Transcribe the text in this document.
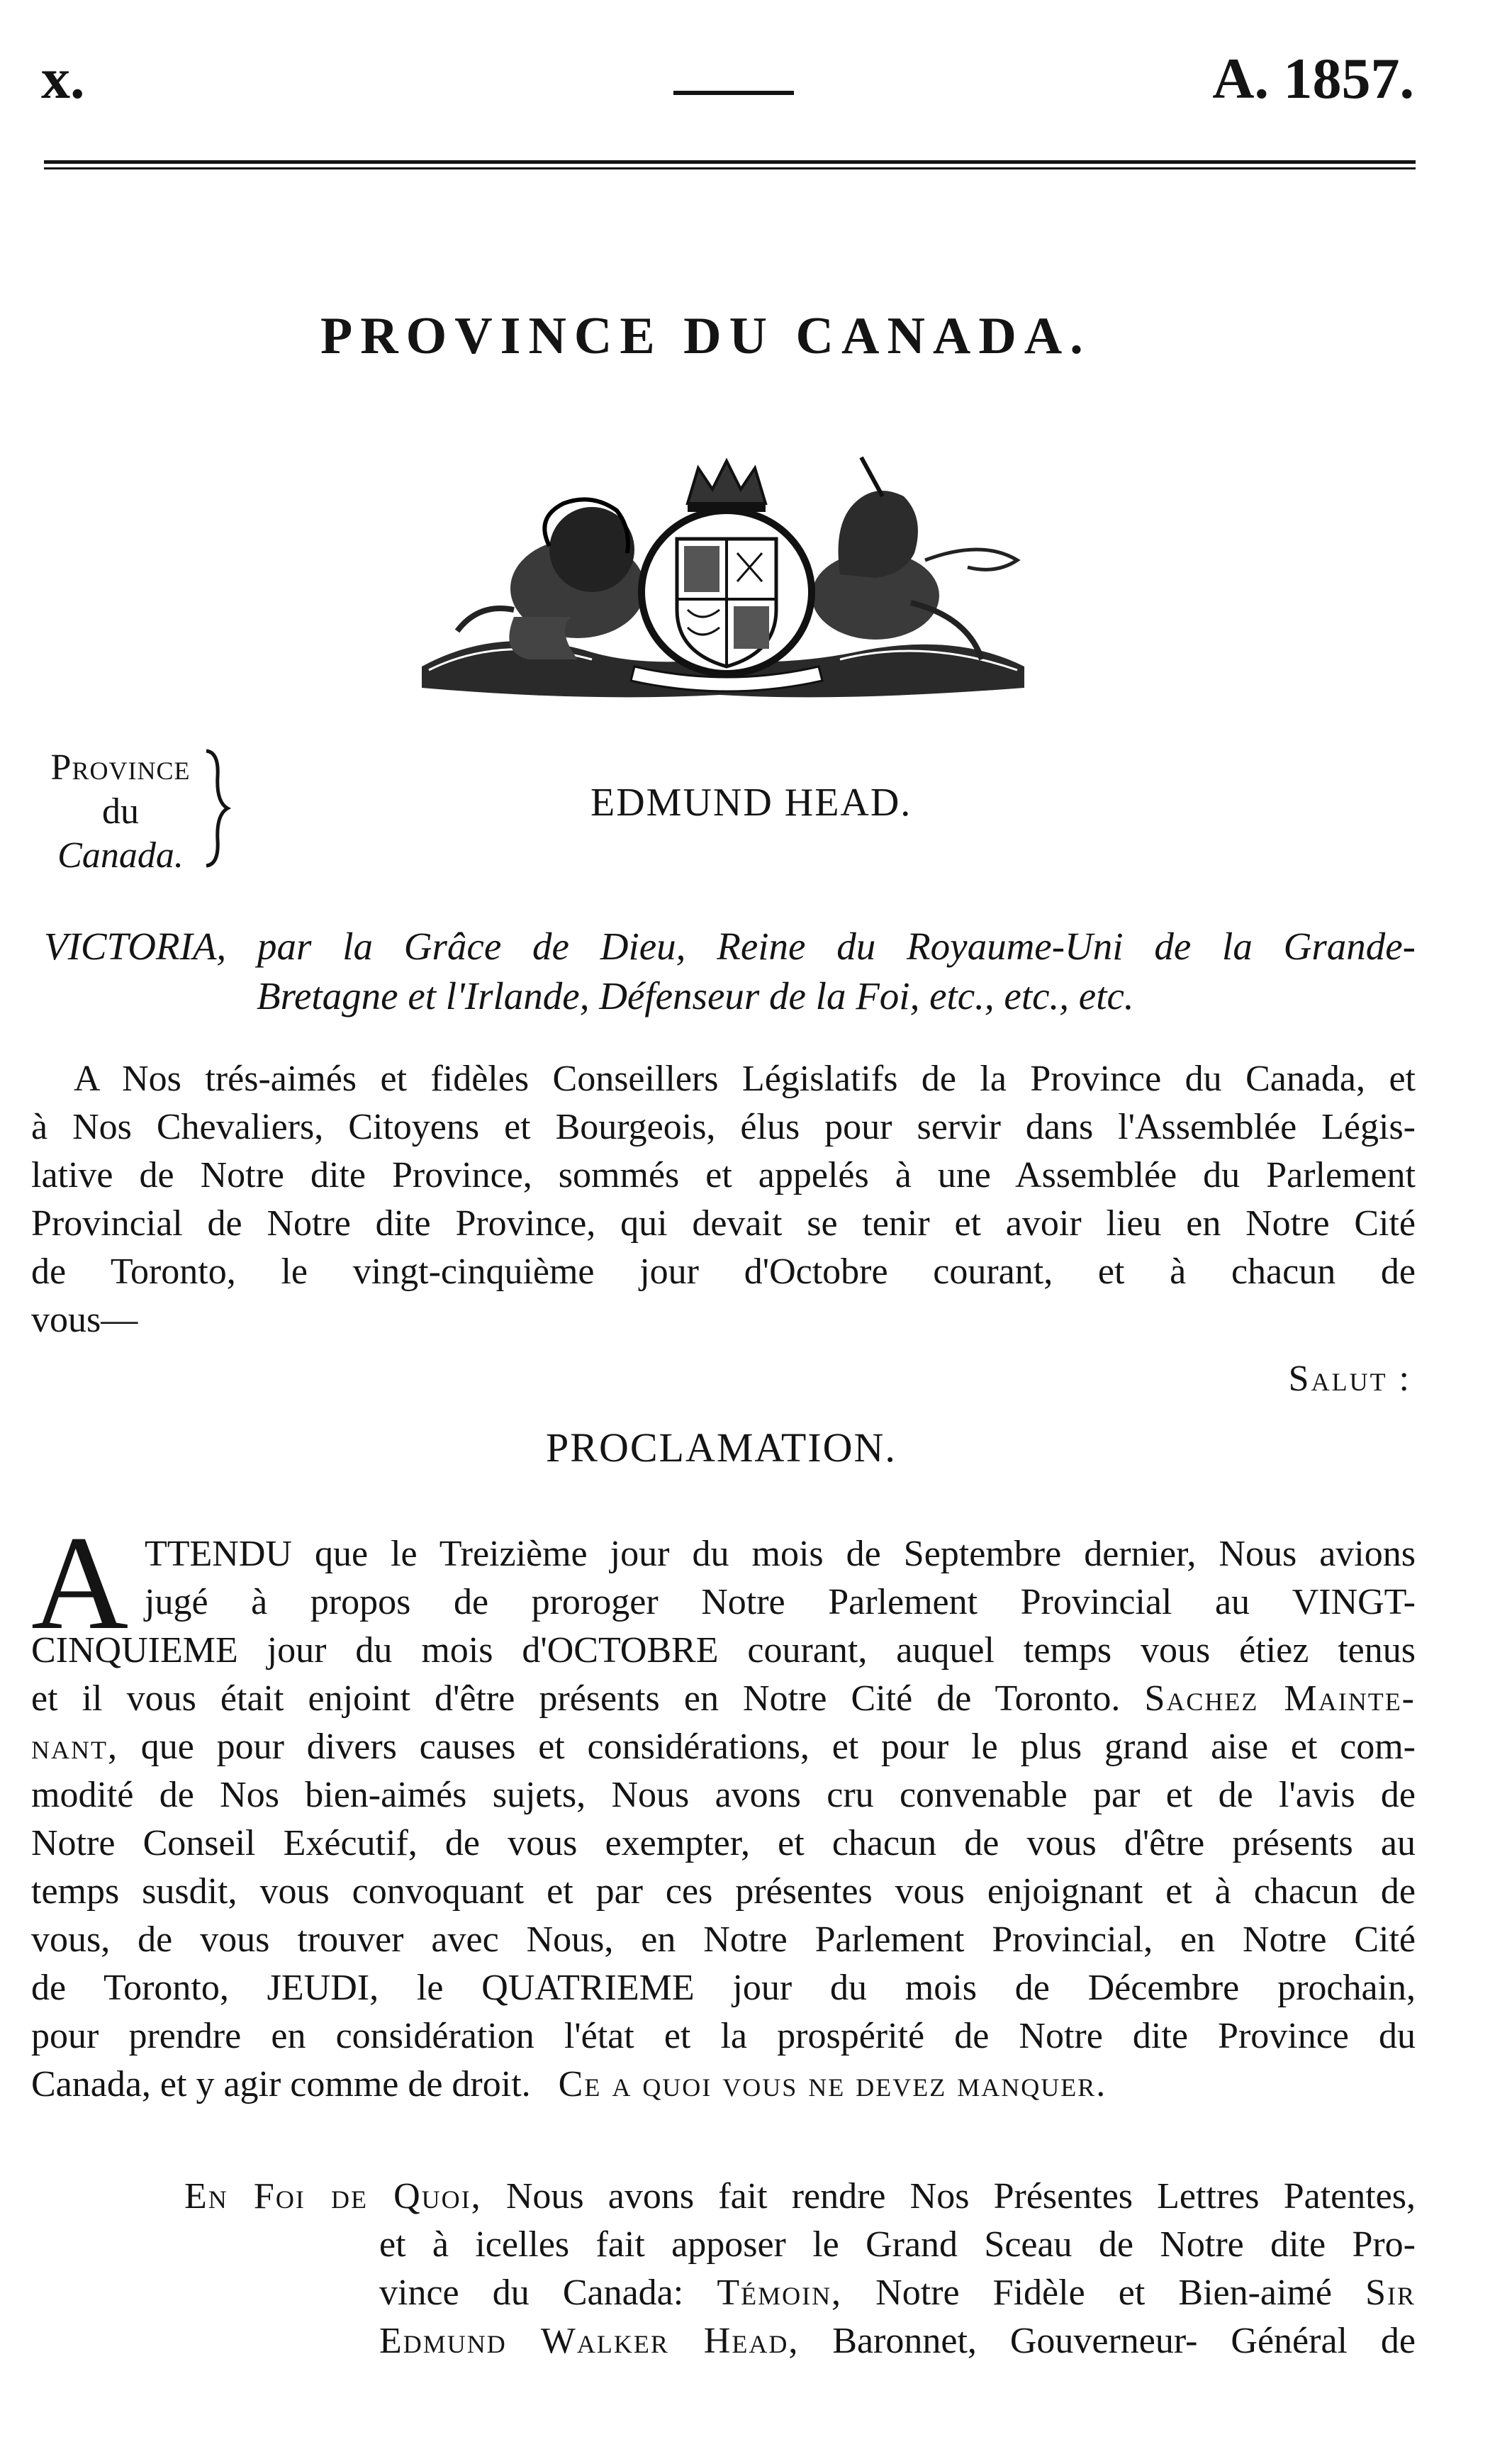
x.	A. 1857.
PROVINCE DU CANADA.
Province
du
Canada.
EDMUND HEAD.
VICTORIA, par la Grâce de Dieu, Reine du Royaume-Uni de la Grande-
Bretagne et l'Irlande, Défenseur de la Foi, etc., etc., etc.
A Nos trés-aimés et fidèles Conseillers Législatifs de la Province du Canada, et
à Nos Chevaliers, Citoyens et Bourgeois, élus pour servir dans l'Assemblée Légis-
lative de Notre dite Province, sommés et appelés à une Assemblée du Parlement
Provincial de Notre dite Province, qui devait se tenir et avoir lieu en Notre Cité
de Toronto, le vingt-cinquième jour d'Octobre courant, et à chacun de
vous—
Salut :
PROCLAMATION.
A TTENDU que le Treizième jour du mois de Septembre dernier, Nous avions
jugé à propos de proroger Notre Parlement Provincial au VINGT-
CINQUIEME jour du mois d'OCTOBRE courant, auquel temps vous étiez tenus
et il vous était enjoint d'être présents en Notre Cité de Toronto. Sachez Mainte-
nant, que pour divers causes et considérations, et pour le plus grand aise et com-
modité de Nos bien-aimés sujets, Nous avons cru convenable par et de l'avis de
Notre Conseil Exécutif, de vous exempter, et chacun de vous d'être présents au
temps susdit, vous convoquant et par ces présentes vous enjoignant et à chacun de
vous, de vous trouver avec Nous, en Notre Parlement Provincial, en Notre Cité
de Toronto, JEUDI, le QUATRIEME jour du mois de Décembre prochain,
pour prendre en considération l'état et la prospérité de Notre dite Province du
Canada, et y agir comme de droit. Ce a quoi vous ne devez manquer.
En Foi de Quoi, Nous avons fait rendre Nos Présentes Lettres Patentes,
et à icelles fait apposer le Grand Sceau de Notre dite Pro-
vince du Canada: Témoin, Notre Fidèle et Bien-aimé Sir
Edmund Walker Head, Baronnet, Gouverneur- Général de
